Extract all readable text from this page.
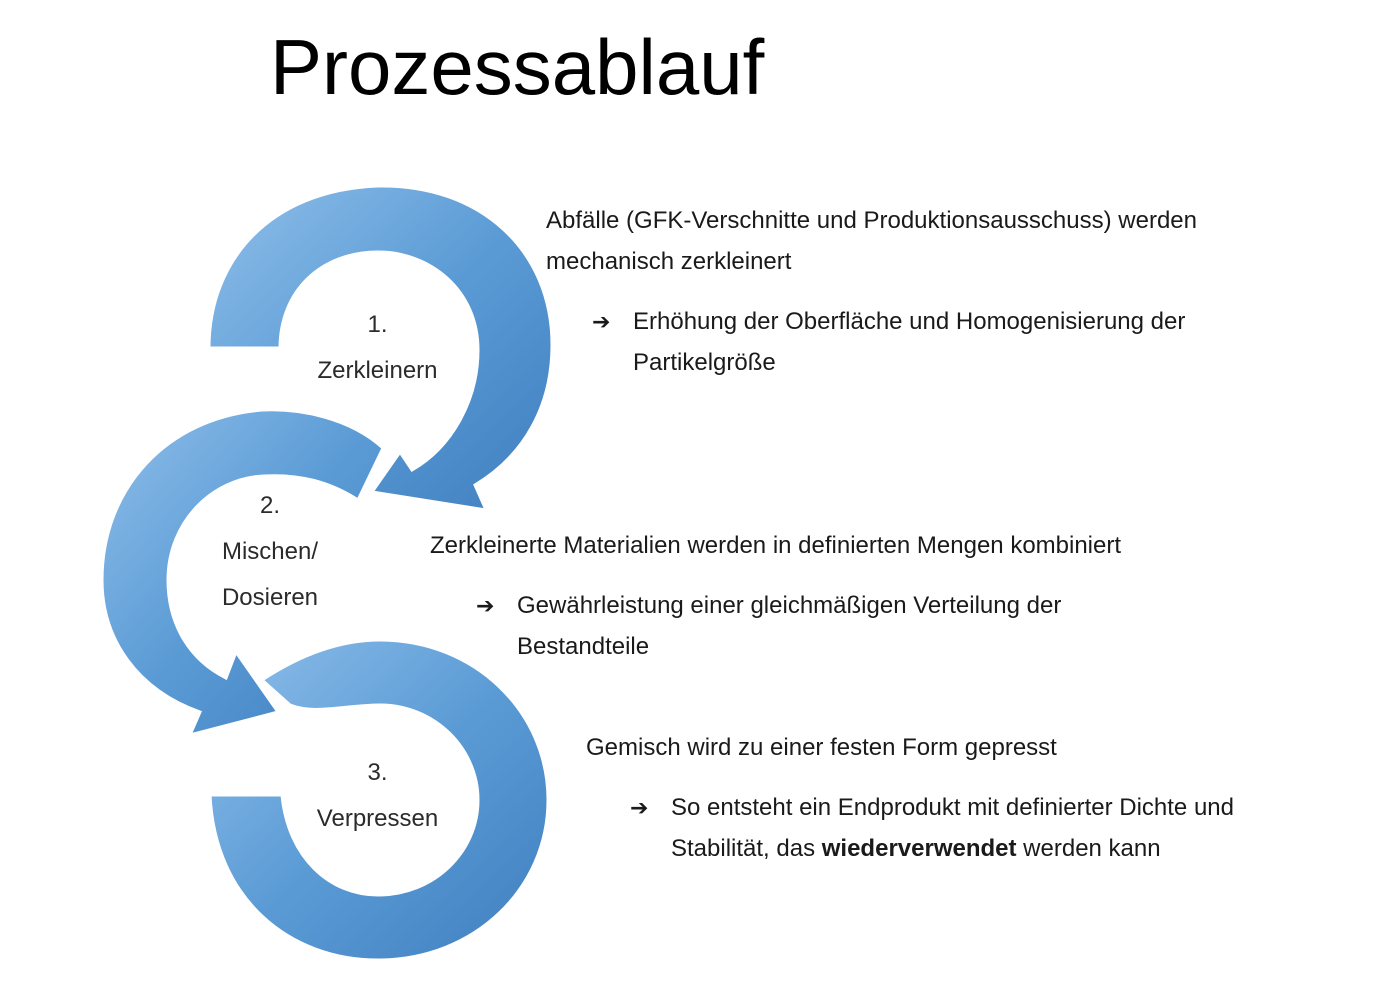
Prozessablauf
1.
Zerkleinern
2.
Mischen/
Dosieren
3.
Verpressen
Abfälle (GFK-Verschnitte und Produktionsausschuss) werden
mechanisch zerkleinert
➔ Erhöhung der Oberfläche und Homogenisierung der
Partikelgröße
Zerkleinerte Materialien werden in definierten Mengen kombiniert
➔ Gewährleistung einer gleichmäßigen Verteilung der
Bestandteile
Gemisch wird zu einer festen Form gepresst
➔ So entsteht ein Endprodukt mit definierter Dichte und
Stabilität, das wiederverwendet werden kann
